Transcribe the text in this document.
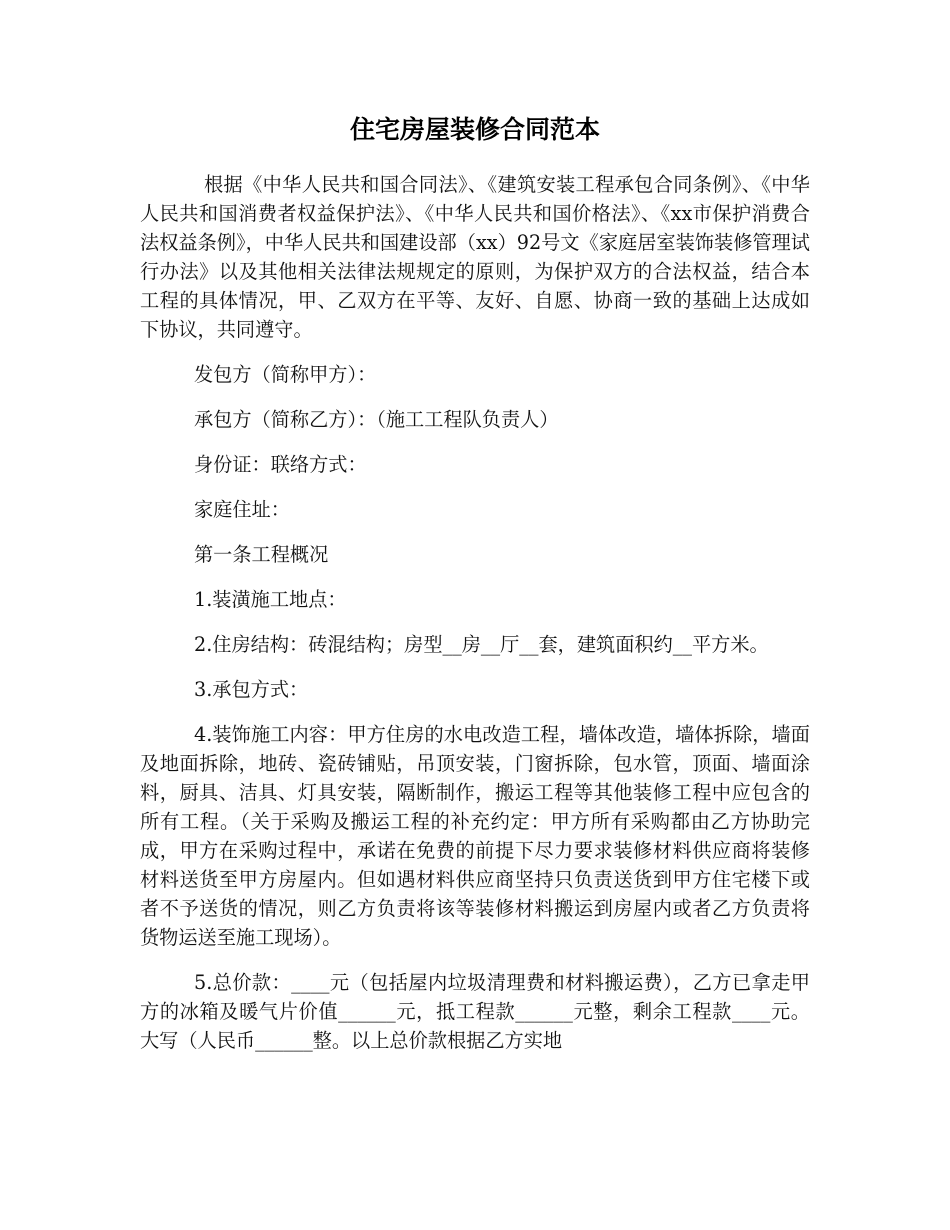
住宅房屋装修合同范本

根据《中华人民共和国合同法》、《建筑安装工程承包合同条例》、《中华人民共和国消费者权益保护法》、《中华人民共和国价格法》、《xx市保护消费合法权益条例》，中华人民共和国建设部（xx）92号文《家庭居室装饰装修管理试行办法》以及其他相关法律法规规定的原则，为保护双方的合法权益，结合本工程的具体情况，甲、乙双方在平等、友好、自愿、协商一致的基础上达成如下协议，共同遵守。

发包方（简称甲方）：

承包方（简称乙方）：（施工工程队负责人）

身份证：联络方式：

家庭住址：

第一条工程概况

1.装潢施工地点：

2.住房结构：砖混结构；房型__房__厅__套，建筑面积约__平方米。

3.承包方式：

4.装饰施工内容：甲方住房的水电改造工程，墙体改造，墙体拆除，墙面及地面拆除，地砖、瓷砖铺贴，吊顶安装，门窗拆除，包水管，顶面、墙面涂料，厨具、洁具、灯具安装，隔断制作，搬运工程等其他装修工程中应包含的所有工程。（关于采购及搬运工程的补充约定：甲方所有采购都由乙方协助完成，甲方在采购过程中，承诺在免费的前提下尽力要求装修材料供应商将装修材料送货至甲方房屋内。但如遇材料供应商坚持只负责送货到甲方住宅楼下或者不予送货的情况，则乙方负责将该等装修材料搬运到房屋内或者乙方负责将货物运送至施工现场）。

5.总价款：____元（包括屋内垃圾清理费和材料搬运费），乙方已拿走甲方的冰箱及暖气片价值______元，抵工程款______元整，剩余工程款____元。大写（人民币______整。以上总价款根据乙方实地
